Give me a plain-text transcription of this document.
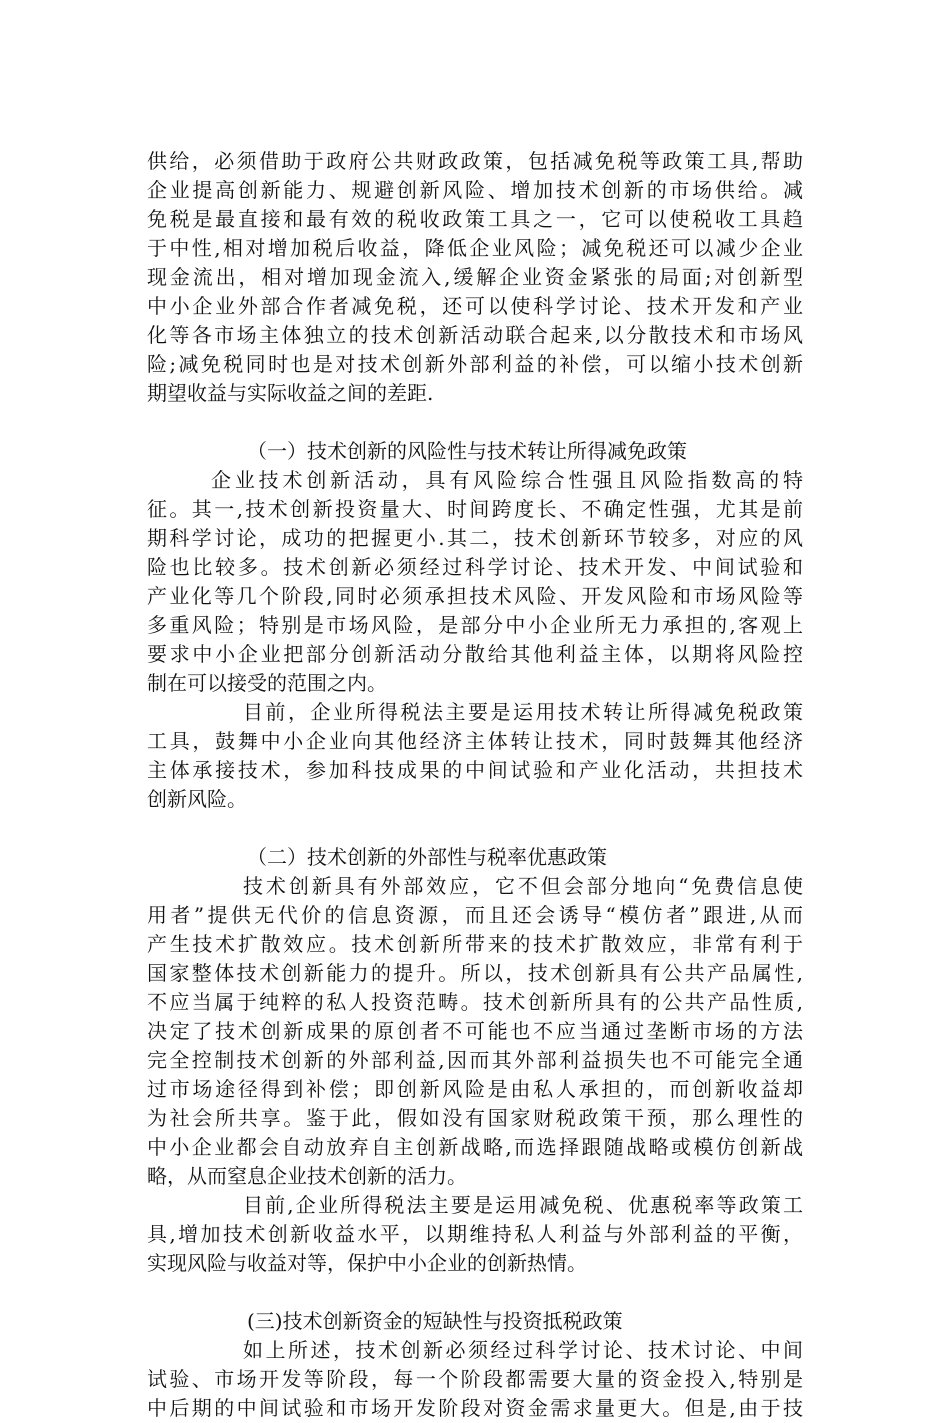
供给，必须借助于政府公共财政政策，包括减免税等政策工具,帮助
企业提高创新能力、规避创新风险、增加技术创新的市场供给。减
免税是最直接和最有效的税收政策工具之一，它可以使税收工具趋
于中性,相对增加税后收益，降低企业风险；减免税还可以减少企业
现金流出，相对增加现金流入,缓解企业资金紧张的局面;对创新型
中小企业外部合作者减免税，还可以使科学讨论、技术开发和产业
化等各市场主体独立的技术创新活动联合起来,以分散技术和市场风
险;减免税同时也是对技术创新外部利益的补偿，可以缩小技术创新
期望收益与实际收益之间的差距.
（一）技术创新的风险性与技术转让所得减免政策
企业技术创新活动，具有风险综合性强且风险指数高的特
征。其一,技术创新投资量大、时间跨度长、不确定性强，尤其是前
期科学讨论，成功的把握更小.其二，技术创新环节较多，对应的风
险也比较多。技术创新必须经过科学讨论、技术开发、中间试验和
产业化等几个阶段,同时必须承担技术风险、开发风险和市场风险等
多重风险；特别是市场风险，是部分中小企业所无力承担的,客观上
要求中小企业把部分创新活动分散给其他利益主体，以期将风险控
制在可以接受的范围之内。
目前，企业所得税法主要是运用技术转让所得减免税政策
工具，鼓舞中小企业向其他经济主体转让技术，同时鼓舞其他经济
主体承接技术，参加科技成果的中间试验和产业化活动，共担技术
创新风险。
（二）技术创新的外部性与税率优惠政策
技术创新具有外部效应，它不但会部分地向“免费信息使
用者”提供无代价的信息资源，而且还会诱导“模仿者”跟进,从而
产生技术扩散效应。技术创新所带来的技术扩散效应，非常有利于
国家整体技术创新能力的提升。所以，技术创新具有公共产品属性,
不应当属于纯粹的私人投资范畴。技术创新所具有的公共产品性质,
决定了技术创新成果的原创者不可能也不应当通过垄断市场的方法
完全控制技术创新的外部利益,因而其外部利益损失也不可能完全通
过市场途径得到补偿；即创新风险是由私人承担的，而创新收益却
为社会所共享。鉴于此，假如没有国家财税政策干预，那么理性的
中小企业都会自动放弃自主创新战略,而选择跟随战略或模仿创新战
略，从而窒息企业技术创新的活力。
目前,企业所得税法主要是运用减免税、优惠税率等政策工
具,增加技术创新收益水平，以期维持私人利益与外部利益的平衡，
实现风险与收益对等，保护中小企业的创新热情。
(三)技术创新资金的短缺性与投资抵税政策
如上所述，技术创新必须经过科学讨论、技术讨论、中间
试验、市场开发等阶段，每一个阶段都需要大量的资金投入,特别是
中后期的中间试验和市场开发阶段对资金需求量更大。但是,由于技
